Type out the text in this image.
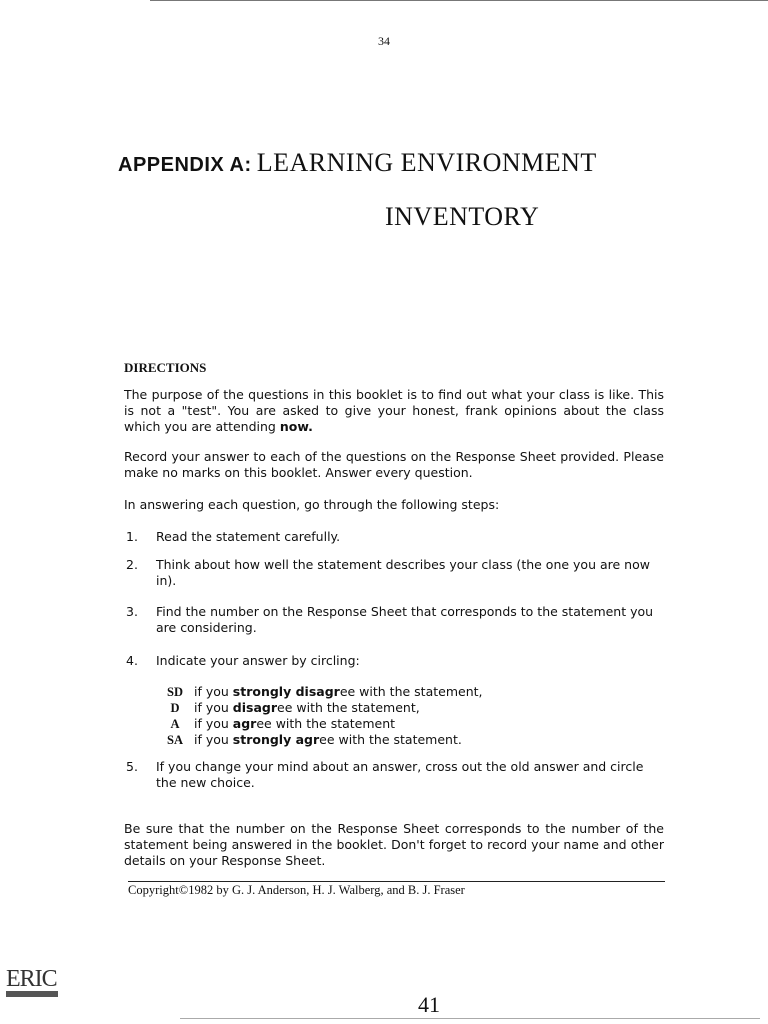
34
APPENDIX A: LEARNING ENVIRONMENT
INVENTORY
DIRECTIONS
The purpose of the questions in this booklet is to find out what your class is like. This is not a "test". You are asked to give your honest, frank opinions about the class which you are attending now.
Record your answer to each of the questions on the Response Sheet provided. Please make no marks on this booklet. Answer every question.
In answering each question, go through the following steps:
1.	Read the statement carefully.
2.	Think about how well the statement describes your class (the one you are now in).
3.	Find the number on the Response Sheet that corresponds to the statement you are considering.
4.	Indicate your answer by circling:
SD if you strongly disagree with the statement,
D	if you disagree with the statement,
A	if you agree with the statement
SA if you strongly agree with the statement.
5.	If you change your mind about an answer, cross out the old answer and circle the new choice.
Be sure that the number on the Response Sheet corresponds to the number of the statement being answered in the booklet. Don't forget to record your name and other details on your Response Sheet.
Copyright©1982 by G. J. Anderson, H. J. Walberg, and B. J. Fraser
ERIC
41
